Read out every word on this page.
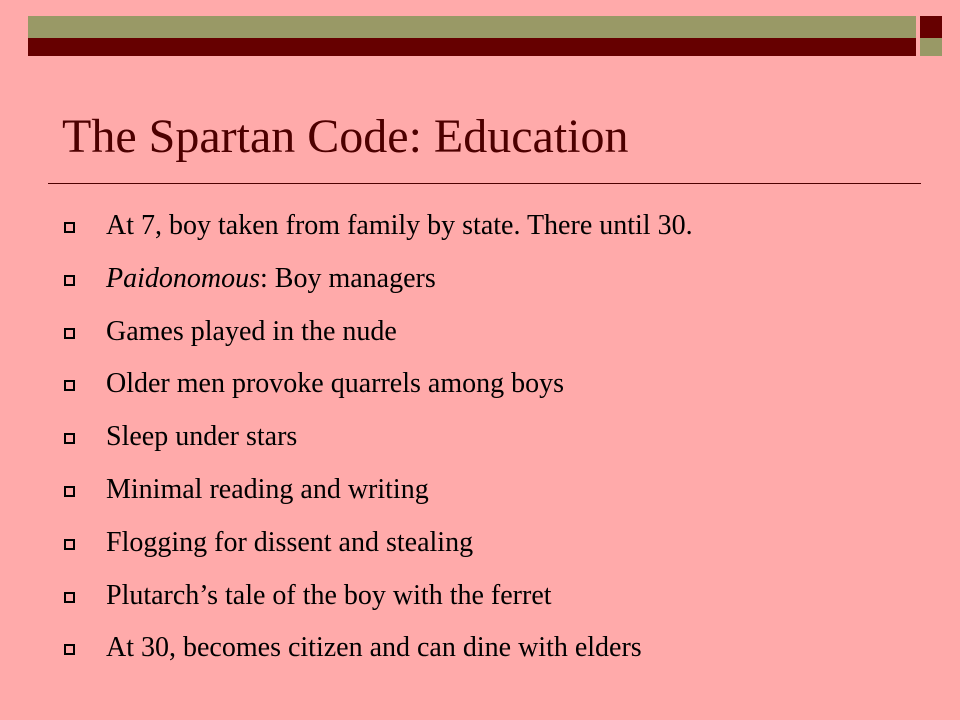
The Spartan Code: Education
At 7, boy taken from family by state. There until 30.
Paidonomous: Boy managers
Games played in the nude
Older men provoke quarrels among boys
Sleep under stars
Minimal reading and writing
Flogging for dissent and stealing
Plutarch’s tale of the boy with the ferret
At 30, becomes citizen and can dine with elders
